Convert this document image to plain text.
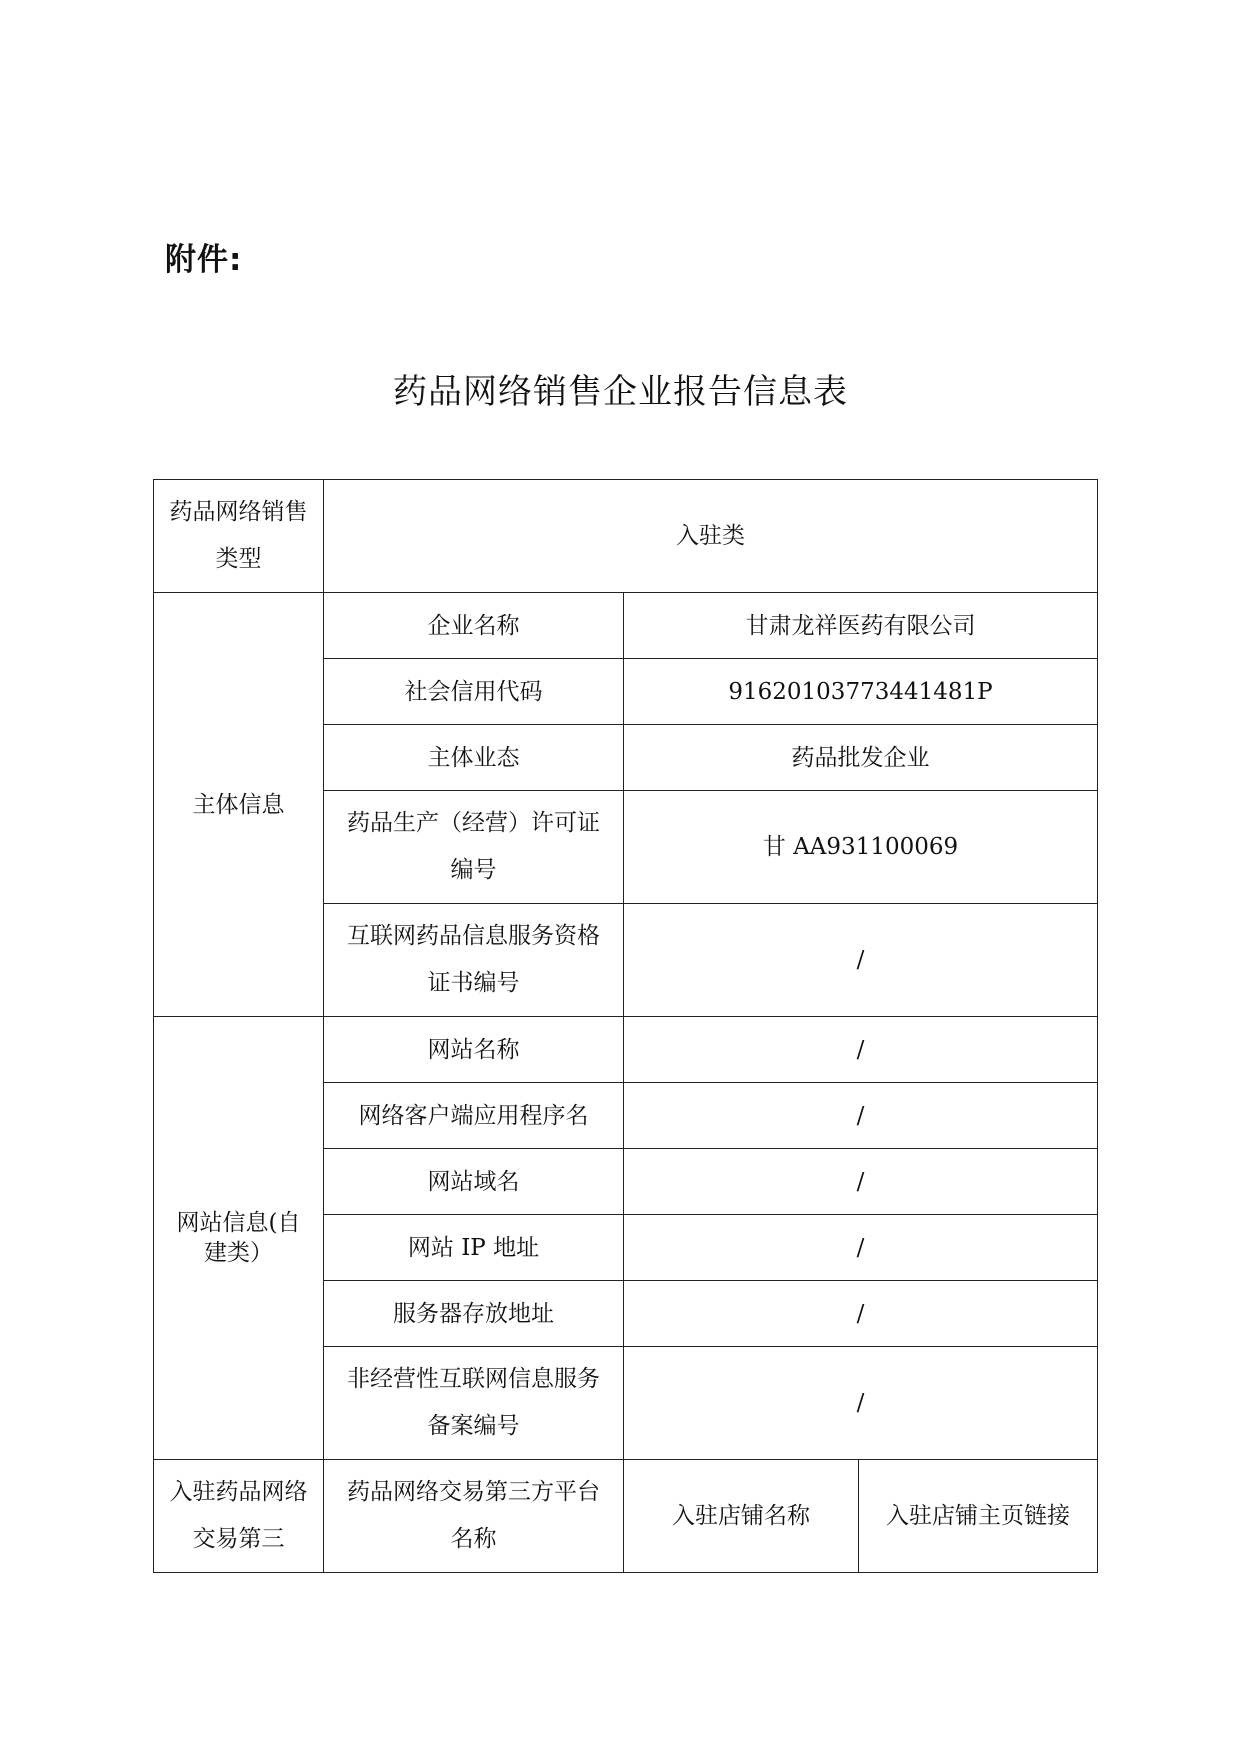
附件:
药品网络销售企业报告信息表
药品网络销售类型	入驻类		
主体信息	企业名称	甘肃龙祥医药有限公司	
	社会信用代码	91620103773441481P	
	主体业态	药品批发企业	
	药品生产（经营）许可证编号	甘 AA931100069	
	互联网药品信息服务资格证书编号	/	
网站信息(自建类）	网站名称	/	
	网络客户端应用程序名	/	
	网站域名	/	
	网站 IP 地址	/	
	服务器存放地址	/	
	非经营性互联网信息服务备案编号	/	
入驻药品网络交易第三	药品网络交易第三方平台名称	入驻店铺名称	入驻店铺主页链接
